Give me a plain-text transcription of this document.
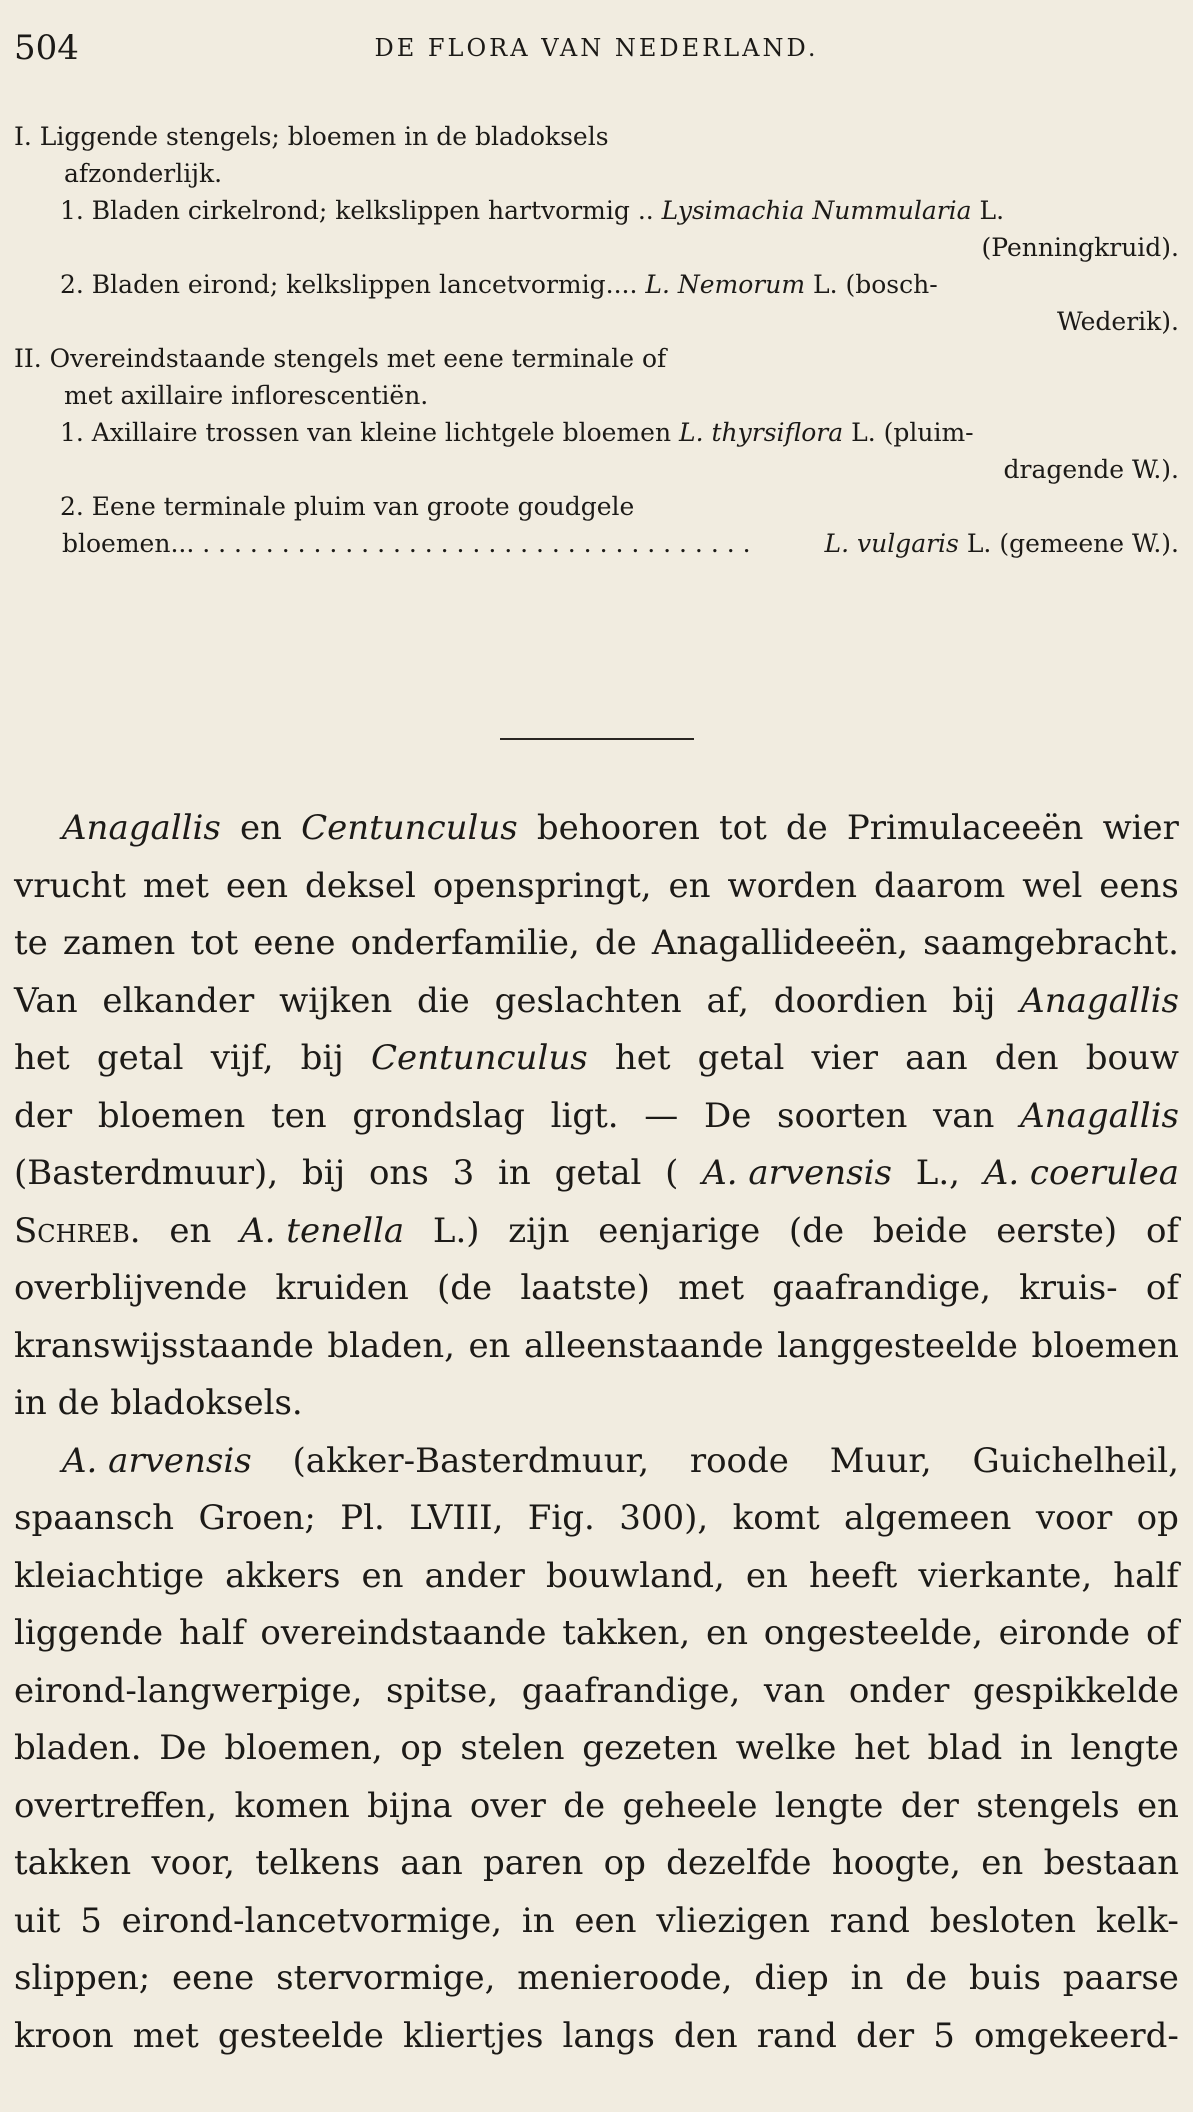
504	DE FLORA VAN NEDERLAND.
I. Liggende stengels; bloemen in de bladoksels
afzonderlijk.
1. Bladen cirkelrond; kelkslippen hartvormig .. Lysimachia Nummularia L.
(Penningkruid).
2. Bladen eirond; kelkslippen lancetvormig.... L. Nemorum L. (bosch-
Wederik).
II. Overeindstaande stengels met eene terminale of
met axillaire inflorescentiën.
1. Axillaire trossen van kleine lichtgele bloemen L. thyrsiflora L. (pluim-
dragende W.).
2. Eene terminale pluim van groote goudgele
bloemen... . . . . . . . . . . . . . . . . . . . . . . . . . . . . . . . . . . .	L. vulgaris L. (gemeene W.).
Anagallis en Centunculus behooren tot de Primulaceeën wier
vrucht met een deksel openspringt, en worden daarom wel eens
te zamen tot eene onderfamilie, de Anagallideeën, saamgebracht.
Van elkander wijken die geslachten af, doordien bij Anagallis
het getal vijf, bij Centunculus het getal vier aan den bouw
der bloemen ten grondslag ligt. — De soorten van Anagallis
(Basterdmuur), bij ons 3 in getal ( A. arvensis L., A. coerulea
Schreb. en A. tenella L.) zijn eenjarige (de beide eerste) of
overblijvende kruiden (de laatste) met gaafrandige, kruis- of
kranswijsstaande bladen, en alleenstaande langgesteelde bloemen
in de bladoksels.
A. arvensis (akker-Basterdmuur, roode Muur, Guichelheil,
spaansch Groen; Pl. LVIII, Fig. 300), komt algemeen voor op
kleiachtige akkers en ander bouwland, en heeft vierkante, half
liggende half overeindstaande takken, en ongesteelde, eironde of
eirond-langwerpige, spitse, gaafrandige, van onder gespikkelde
bladen. De bloemen, op stelen gezeten welke het blad in lengte
overtreffen, komen bijna over de geheele lengte der stengels en
takken voor, telkens aan paren op dezelfde hoogte, en bestaan
uit 5 eirond-lancetvormige, in een vliezigen rand besloten kelk-
slippen; eene stervormige, menieroode, diep in de buis paarse
kroon met gesteelde kliertjes langs den rand der 5 omgekeerd-
